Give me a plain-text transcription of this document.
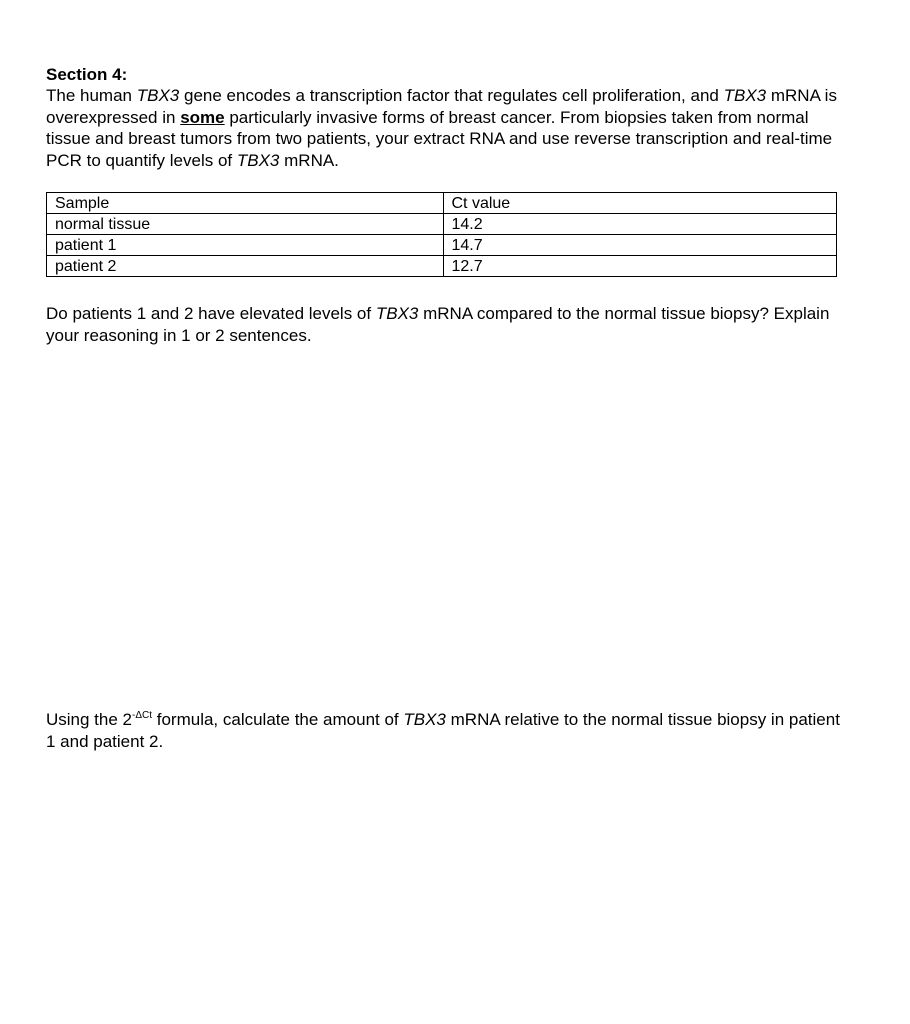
Section 4:

The human TBX3 gene encodes a transcription factor that regulates cell proliferation, and TBX3 mRNA is overexpressed in some particularly invasive forms of breast cancer. From biopsies taken from normal tissue and breast tumors from two patients, your extract RNA and use reverse transcription and real-time PCR to quantify levels of TBX3 mRNA.

Sample	Ct value
normal tissue	14.2
patient 1	14.7
patient 2	12.7

Do patients 1 and 2 have elevated levels of TBX3 mRNA compared to the normal tissue biopsy? Explain your reasoning in 1 or 2 sentences.

Using the $2^{-\Delta Ct}$ formula, calculate the amount of TBX3 mRNA relative to the normal tissue biopsy in patient 1 and patient 2.
